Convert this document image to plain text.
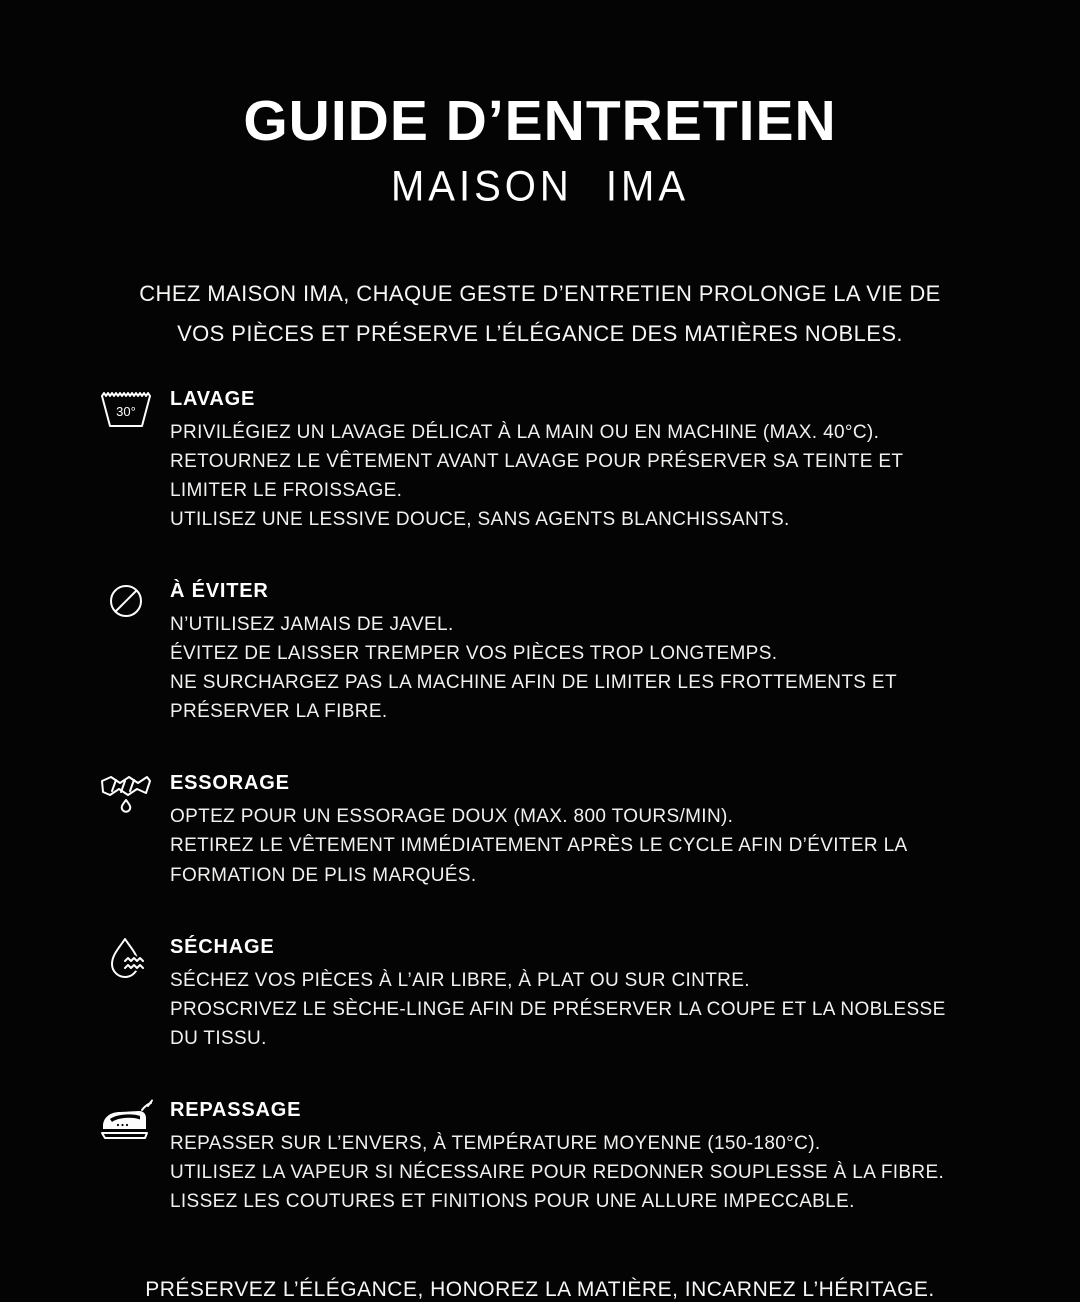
GUIDE D’ENTRETIEN
MAISON IMA

CHEZ MAISON IMA, CHAQUE GESTE D’ENTRETIEN PROLONGE LA VIE DE VOS PIÈCES ET PRÉSERVE L’ÉLÉGANCE DES MATIÈRES NOBLES.

30°
LAVAGE

PRIVILÉGIEZ UN LAVAGE DÉLICAT À LA MAIN OU EN MACHINE (MAX. 40°C).

RETOURNEZ LE VÊTEMENT AVANT LAVAGE POUR PRÉSERVER SA TEINTE ET LIMITER LE FROISSAGE.

UTILISEZ UNE LESSIVE DOUCE, SANS AGENTS BLANCHISSANTS.

À ÉVITER

N’UTILISEZ JAMAIS DE JAVEL.

ÉVITEZ DE LAISSER TREMPER VOS PIÈCES TROP LONGTEMPS.

NE SURCHARGEZ PAS LA MACHINE AFIN DE LIMITER LES FROTTEMENTS ET PRÉSERVER LA FIBRE.

ESSORAGE

OPTEZ POUR UN ESSORAGE DOUX (MAX. 800 TOURS/MIN).

RETIREZ LE VÊTEMENT IMMÉDIATEMENT APRÈS LE CYCLE AFIN D’ÉVITER LA FORMATION DE PLIS MARQUÉS.

SÉCHAGE

SÉCHEZ VOS PIÈCES À L’AIR LIBRE, À PLAT OU SUR CINTRE.

PROSCRIVEZ LE SÈCHE-LINGE AFIN DE PRÉSERVER LA COUPE ET LA NOBLESSE DU TISSU.

REPASSAGE

REPASSER SUR L’ENVERS, À TEMPÉRATURE MOYENNE (150-180°C).

UTILISEZ LA VAPEUR SI NÉCESSAIRE POUR REDONNER SOUPLESSE À LA FIBRE.

LISSEZ LES COUTURES ET FINITIONS POUR UNE ALLURE IMPECCABLE.

PRÉSERVEZ L’ÉLÉGANCE, HONOREZ LA MATIÈRE, INCARNEZ L’HÉRITAGE.
